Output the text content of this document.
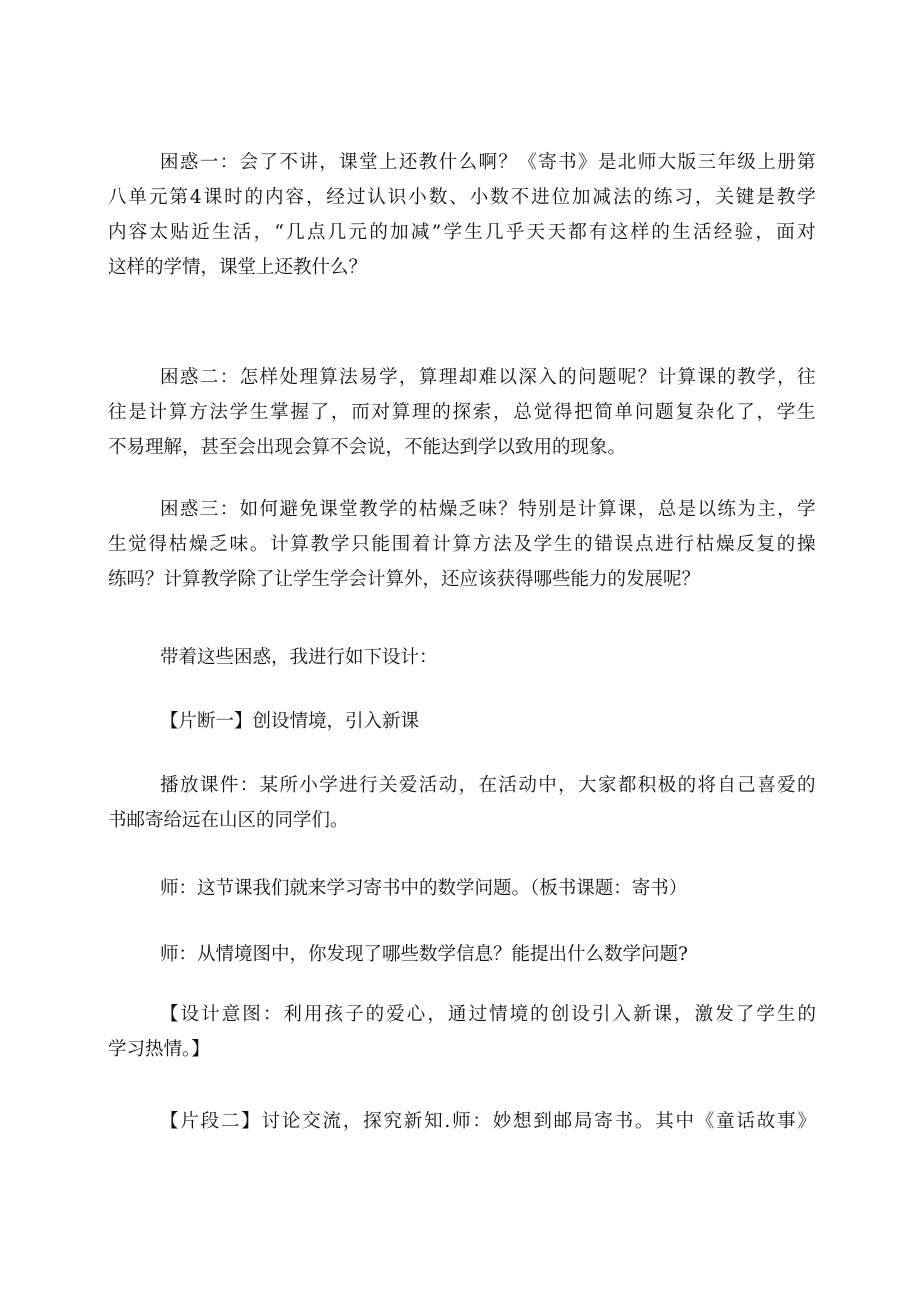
困 惑 一 ： 会 了 不 讲 ， 课 堂 上 还 教 什 么 啊 ？ 《 寄 书 》 是 北 师 大 版 三 年 级 上 册 第
八 单 元 第 4 课 时 的 内 容 ， 经 过 认 识 小 数 、 小 数 不 进 位 加 减 法 的 练 习 ， 关 键 是 教 学
内 容 太 贴 近 生 活 ， “ 几 点 几 元 的 加 减 ” 学 生 几 乎 天 天 都 有 这 样 的 生 活 经 验 ， 面 对
这样的学情，课堂上还教什么？
困 惑 二 ： 怎 样 处 理 算 法 易 学 ， 算 理 却 难 以 深 入 的 问 题 呢 ？ 计 算 课 的 教 学 ， 往
往 是 计 算 方 法 学 生 掌 握 了 ， 而 对 算 理 的 探 索 ， 总 觉 得 把 简 单 问 题 复 杂 化 了 ， 学 生
不易理解，甚至会出现会算不会说，不能达到学以致用的现象。
困 惑 三 ： 如 何 避 免 课 堂 教 学 的 枯 燥 乏 味 ？ 特 别 是 计 算 课 ， 总 是 以 练 为 主 ， 学
生 觉 得 枯 燥 乏 味 。 计 算 教 学 只 能 围 着 计 算 方 法 及 学 生 的 错 误 点 进 行 枯 燥 反 复 的 操
练吗？计算教学除了让学生学会计算外，还应该获得哪些能力的发展呢？
带着这些困惑，我进行如下设计：
【片断一】创设情境，引入新课
播 放 课 件 ： 某 所 小 学 进 行 关 爱 活 动 ， 在 活 动 中 ， 大 家 都 积 极 的 将 自 己 喜 爱 的
书邮寄给远在山区的同学们。
师：这节课我们就来学习寄书中的数学问题。（板书课题：寄书）
师：从情境图中，你发现了哪些数学信息？能提出什么数学问题?
【 设 计 意 图 ： 利 用 孩 子 的 爱 心 ， 通 过 情 境 的 创 设 引 入 新 课 ， 激 发 了 学 生 的
学习热情。】
【 片 段 二 】 讨 论 交 流 ， 探 究 新 知 . 师 ： 妙 想 到 邮 局 寄 书 。 其 中 《 童 话 故 事 》
